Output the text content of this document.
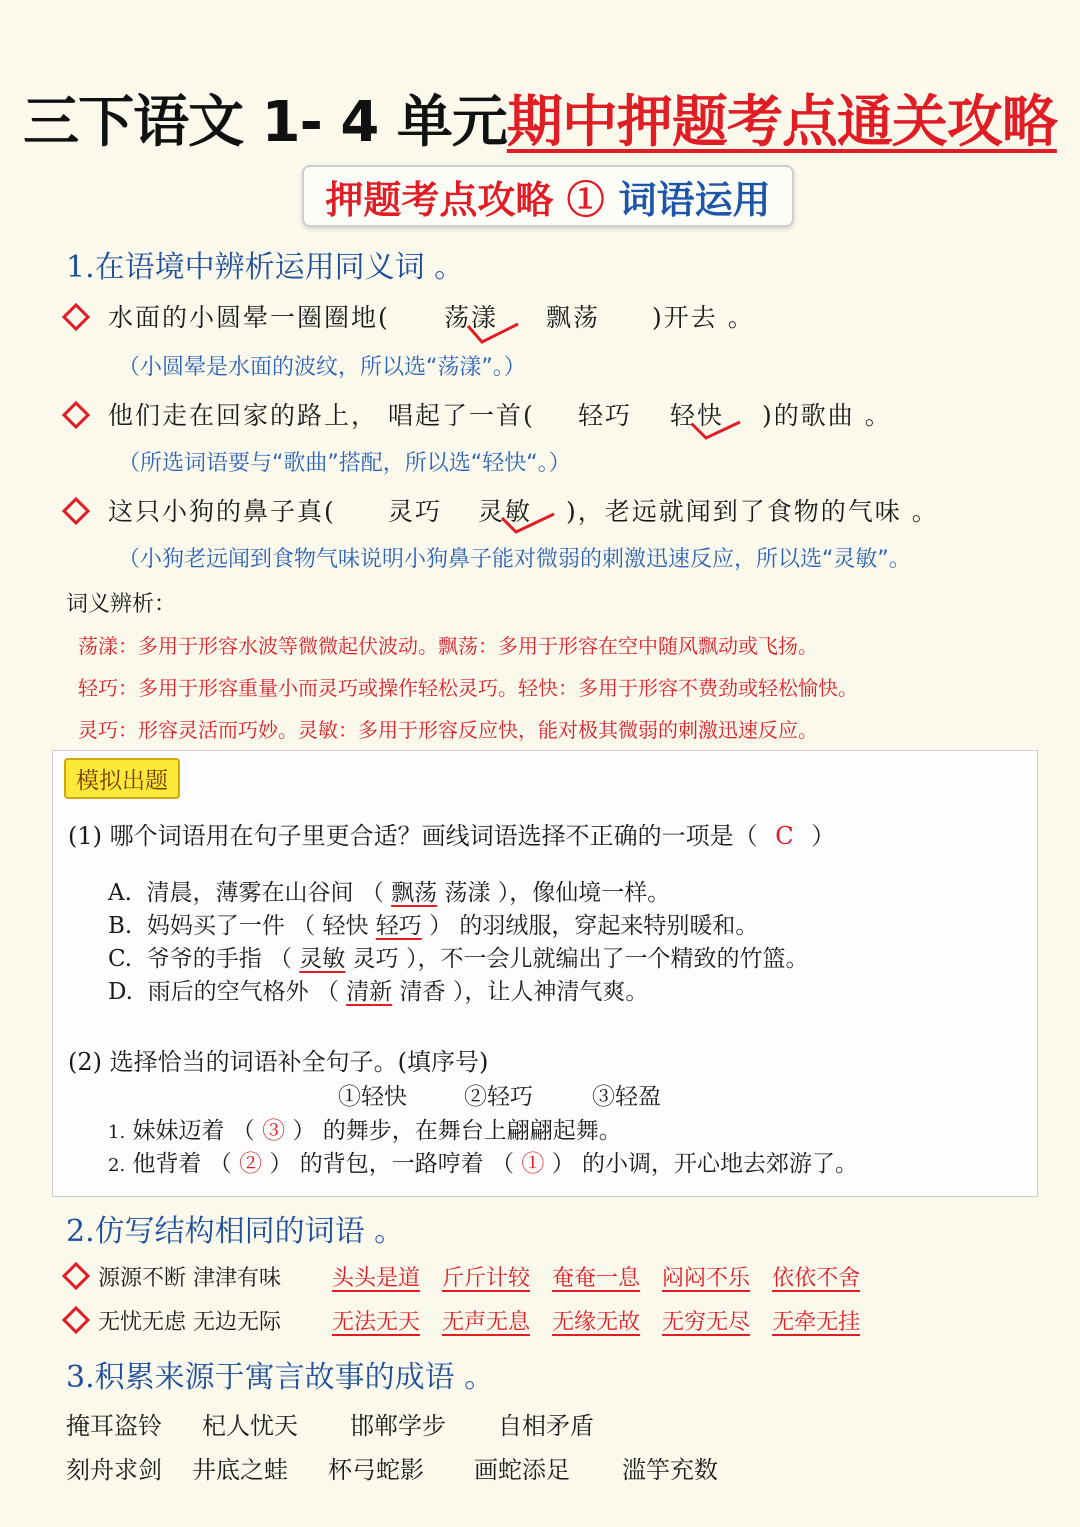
三下语文 1- 4 单元期中押题考点通关攻略
押题考点攻略 ① 词语运用
1.在语境中辨析运用同义词 。
水面的小圆晕一圈圈地( 荡漾 飘荡 )开去 。
（小圆晕是水面的波纹，所以选“荡漾”。）
他们走在回家的路上， 唱起了一首( 轻巧 轻快 )的歌曲 。
（所选词语要与“歌曲”搭配，所以选“轻快“。）
这只小狗的鼻子真( 灵巧 灵敏 )，老远就闻到了食物的气味 。
（小狗老远闻到食物气味说明小狗鼻子能对微弱的刺激迅速反应，所以选“灵敏”。
词义辨析：
荡漾：多用于形容水波等微微起伏波动。飘荡：多用于形容在空中随风飘动或飞扬。
轻巧：多用于形容重量小而灵巧或操作轻松灵巧。轻快：多用于形容不费劲或轻松愉快。
灵巧：形容灵活而巧妙。灵敏：多用于形容反应快，能对极其微弱的刺激迅速反应。
模拟出题
(1) 哪个词语用在句子里更合适？画线词语选择不正确的一项是（ C ）
A. 清晨，薄雾在山谷间 （ 飘荡 荡漾 ），像仙境一样。
B. 妈妈买了一件 （ 轻快 轻巧 ） 的羽绒服，穿起来特别暖和。
C. 爷爷的手指 （ 灵敏 灵巧 ），不一会儿就编出了一个精致的竹篮。
D. 雨后的空气格外 （ 清新 清香 ），让人神清气爽。
(2) 选择恰当的词语补全句子。(填序号)
①轻快 ②轻巧	③轻盈
1. 妹妹迈着 （ ③ ） 的舞步，在舞台上翩翩起舞。
2. 他背着 （ ② ） 的背包，一路哼着 （ ① ） 的小调，开心地去郊游了。
2.仿写结构相同的词语 。
源源不断 津津有味 头头是道 斤斤计较 奄奄一息 闷闷不乐 依依不舍
无忧无虑 无边无际 无法无天 无声无息 无缘无故 无穷无尽 无牵无挂
3.积累来源于寓言故事的成语 。
掩耳盗铃 杞人忧天 邯郸学步 自相矛盾
刻舟求剑 井底之蛙 杯弓蛇影 画蛇添足 滥竽充数
